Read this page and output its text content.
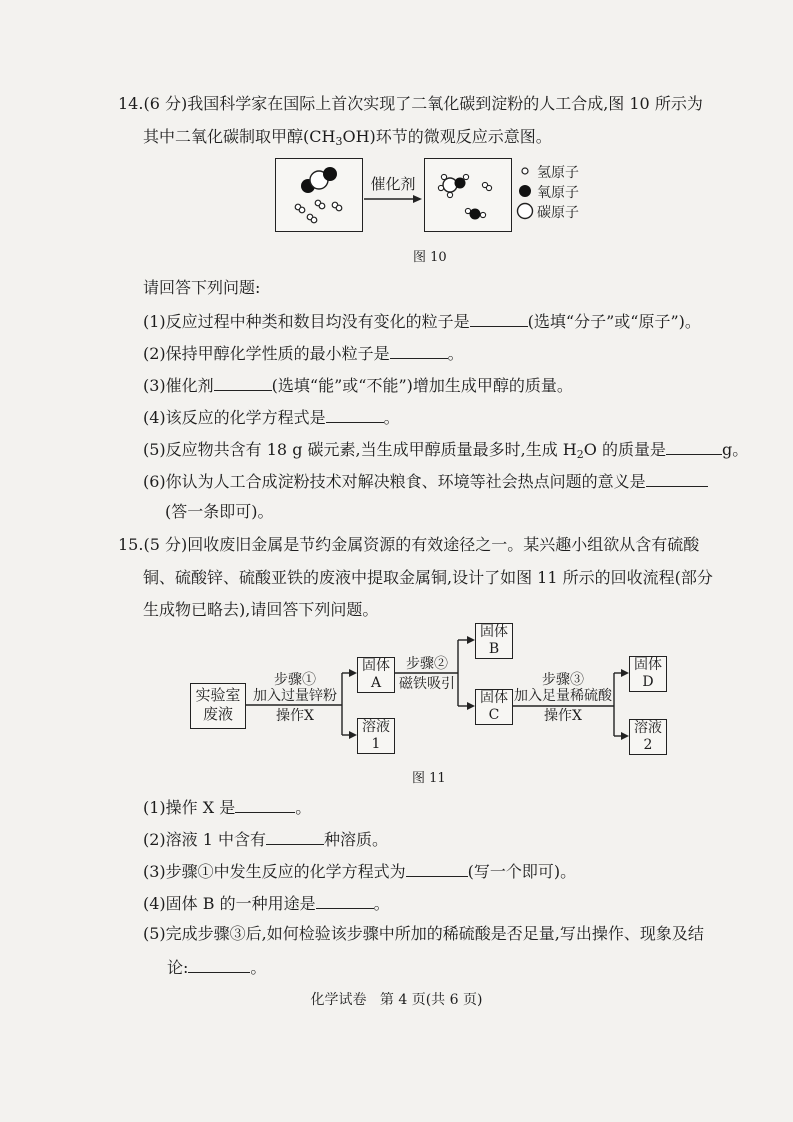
14.(6 分)我国科学家在国际上首次实现了二氧化碳到淀粉的人工合成,图 10 所示为
其中二氧化碳制取甲醇$(CH_3OH)$环节的微观反应示意图。
催化剂
氢原子
氧原子
碳原子
图 10
请回答下列问题:
(1)反应过程中种类和数目均没有变化的粒子是	(选填“分子”或“原子”)。
(2)保持甲醇化学性质的最小粒子是	。
(3)催化剂	(选填“能”或“不能”)增加生成甲醇的质量。
(4)该反应的化学方程式是	。
(5)反应物共含有 18 g 碳元素,当生成甲醇质量最多时,生成 $H_2O$ 的质量是	g。
(6)你认为人工合成淀粉技术对解决粮食、环境等社会热点问题的意义是
(答一条即可)。
15.(5 分)回收废旧金属是节约金属资源的有效途径之一。某兴趣小组欲从含有硫酸
铜、硫酸锌、硫酸亚铁的废液中提取金属铜,设计了如图 11 所示的回收流程(部分
生成物已略去),请回答下列问题。
实验室
废液
步骤①
加入过量锌粉
操作X
固体
A
溶液
1
步骤②
磁铁吸引
固体
B
固体
C
步骤③
加入足量稀硫酸
操作X
固体
D
溶液
2
图 11
(1)操作 X 是	。
(2)溶液 1 中含有	种溶质。
(3)步骤①中发生反应的化学方程式为	(写一个即可)。
(4)固体 B 的一种用途是	。
(5)完成步骤③后,如何检验该步骤中所加的稀硫酸是否足量,写出操作、现象及结
论:	。
化学试卷   第 4 页(共 6 页)
